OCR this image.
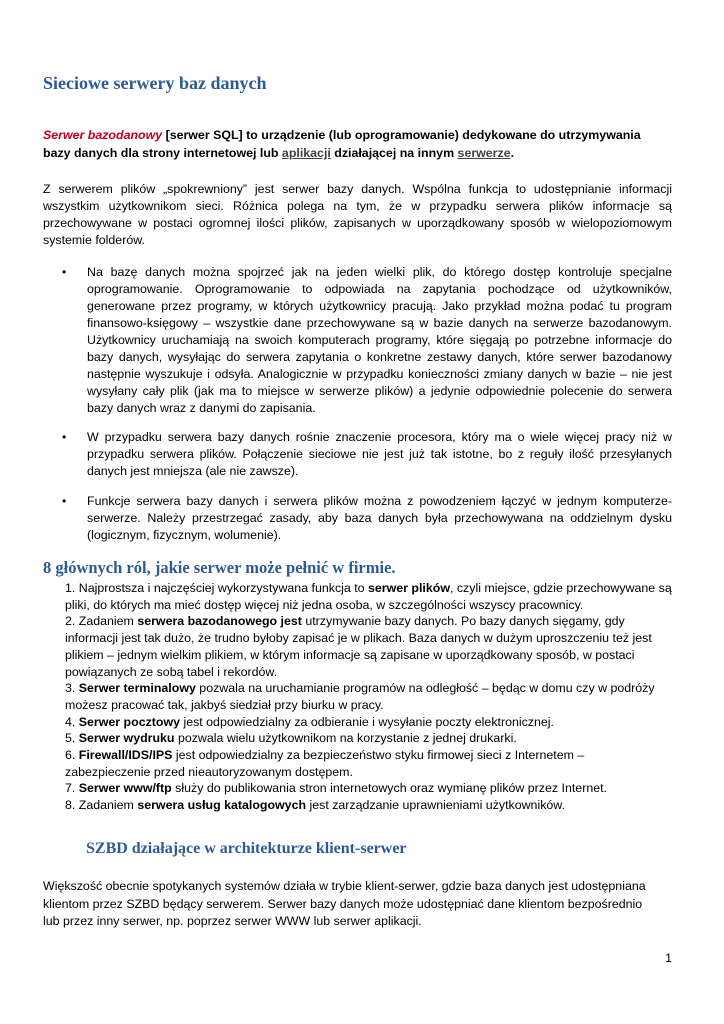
Sieciowe serwery baz danych
Serwer bazodanowy [serwer SQL] to urządzenie (lub oprogramowanie) dedykowane do utrzymywania bazy danych dla strony internetowej lub aplikacji działającej na innym serwerze.
Z serwerem plików „spokrewniony” jest serwer bazy danych. Wspólna funkcja to udostępnianie informacji wszystkim użytkownikom sieci. Różnica polega na tym, że w przypadku serwera plików informacje są przechowywane w postaci ogromnej ilości plików, zapisanych w uporządkowany sposób w wielopoziomowym systemie folderów.
•	Na bazę danych można spojrzeć jak na jeden wielki plik, do którego dostęp kontroluje specjalne oprogramowanie. Oprogramowanie to odpowiada na zapytania pochodzące od użytkowników, generowane przez programy, w których użytkownicy pracują. Jako przykład można podać tu program finansowo-księgowy – wszystkie dane przechowywane są w bazie danych na serwerze bazodanowym. Użytkownicy uruchamiają na swoich komputerach programy, które sięgają po potrzebne informacje do bazy danych, wysyłając do serwera zapytania o konkretne zestawy danych, które serwer bazodanowy następnie wyszukuje i odsyła. Analogicznie w przypadku konieczności zmiany danych w bazie – nie jest wysyłany cały plik (jak ma to miejsce w serwerze plików) a jedynie odpowiednie polecenie do serwera bazy danych wraz z danymi do zapisania.
•	W przypadku serwera bazy danych rośnie znaczenie procesora, który ma o wiele więcej pracy niż w przypadku serwera plików. Połączenie sieciowe nie jest już tak istotne, bo z reguły ilość przesyłanych danych jest mniejsza (ale nie zawsze).
•	Funkcje serwera bazy danych i serwera plików można z powodzeniem łączyć w jednym komputerze-serwerze. Należy przestrzegać zasady, aby baza danych była przechowywana na oddzielnym dysku (logicznym, fizycznym, wolumenie).
8 głównych ról, jakie serwer może pełnić w firmie.

1. Najprostsza i najczęściej wykorzystywana funkcja to serwer plików, czyli miejsce, gdzie przechowywane są pliki, do których ma mieć dostęp więcej niż jedna osoba, w szczególności wszyscy pracownicy.

2. Zadaniem serwera bazodanowego jest utrzymywanie bazy danych. Po bazy danych sięgamy, gdy informacji jest tak dużo, że trudno byłoby zapisać je w plikach. Baza danych w dużym uproszczeniu też jest plikiem – jednym wielkim plikiem, w którym informacje są zapisane w uporządkowany sposób, w postaci powiązanych ze sobą tabel i rekordów.

3. Serwer terminalowy pozwala na uruchamianie programów na odległość – będąc w domu czy w podróży możesz pracować tak, jakbyś siedział przy biurku w pracy.

4. Serwer pocztowy jest odpowiedzialny za odbieranie i wysyłanie poczty elektronicznej.

5. Serwer wydruku pozwala wielu użytkownikom na korzystanie z jednej drukarki.

6. Firewall/IDS/IPS jest odpowiedzialny za bezpieczeństwo styku firmowej sieci z Internetem – zabezpieczenie przed nieautoryzowanym dostępem.

7. Serwer www/ftp służy do publikowania stron internetowych oraz wymianę plików przez Internet.

8. Zadaniem serwera usług katalogowych jest zarządzanie uprawnieniami użytkowników.

SZBD działające w architekturze klient-serwer
Większość obecnie spotykanych systemów działa w trybie klient-serwer, gdzie baza danych jest udostępniana klientom przez SZBD będący serwerem. Serwer bazy danych może udostępniać dane klientom bezpośrednio lub przez inny serwer, np. poprzez serwer WWW lub serwer aplikacji.
1
